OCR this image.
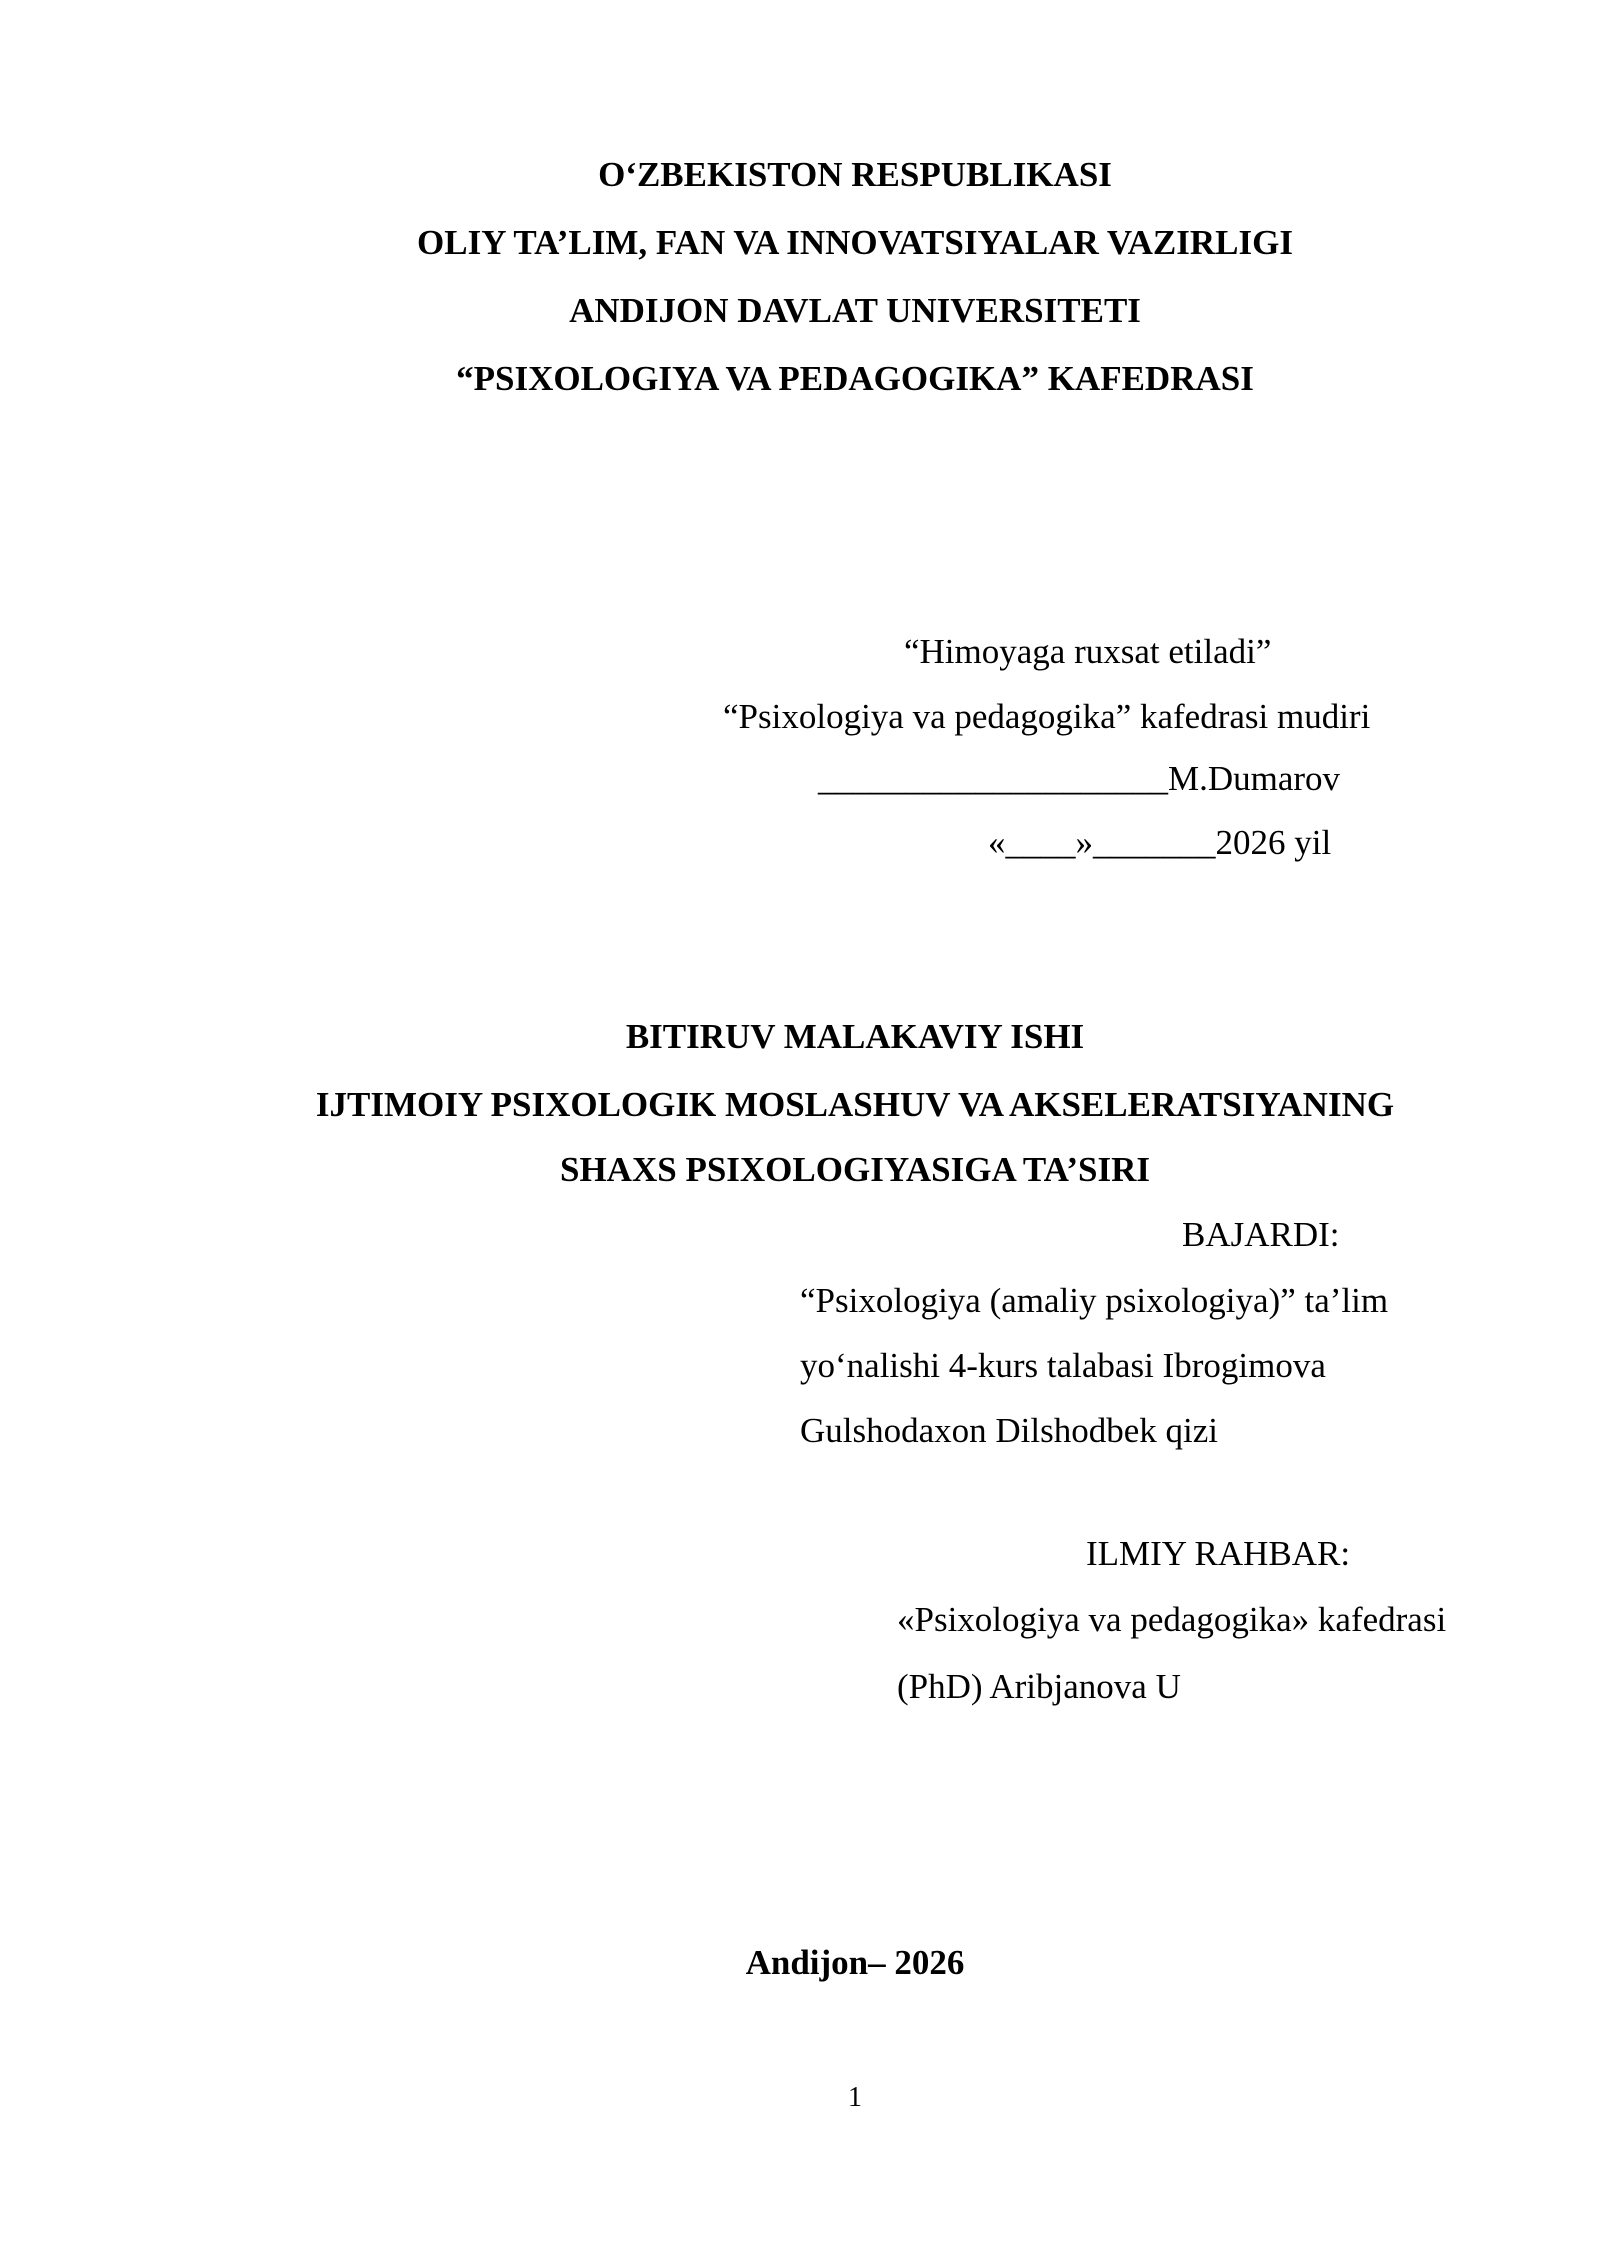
O‘ZBEKISTON RESPUBLIKASI
OLIY TA’LIM, FAN VA INNOVATSIYALAR VAZIRLIGI
ANDIJON DAVLAT UNIVERSITETI
“PSIXOLOGIYA VA PEDAGOGIKA” KAFEDRASI
“Himoyaga ruxsat etiladi”
“Psixologiya va pedagogika” kafedrasi mudiri
____________________M.Dumarov
«____»_______2026 yil
BITIRUV MALAKAVIY ISHI
IJTIMOIY PSIXOLOGIK MOSLASHUV VA AKSELERATSIYANING
SHAXS PSIXOLOGIYASIGA TA’SIRI
BAJARDI:
“Psixologiya (amaliy psixologiya)” ta’lim
yo‘nalishi 4-kurs talabasi Ibrogimova
Gulshodaxon Dilshodbek qizi
ILMIY RAHBAR:
«Psixologiya va pedagogika» kafedrasi
(PhD) Aribjanova U
Andijon– 2026
1
